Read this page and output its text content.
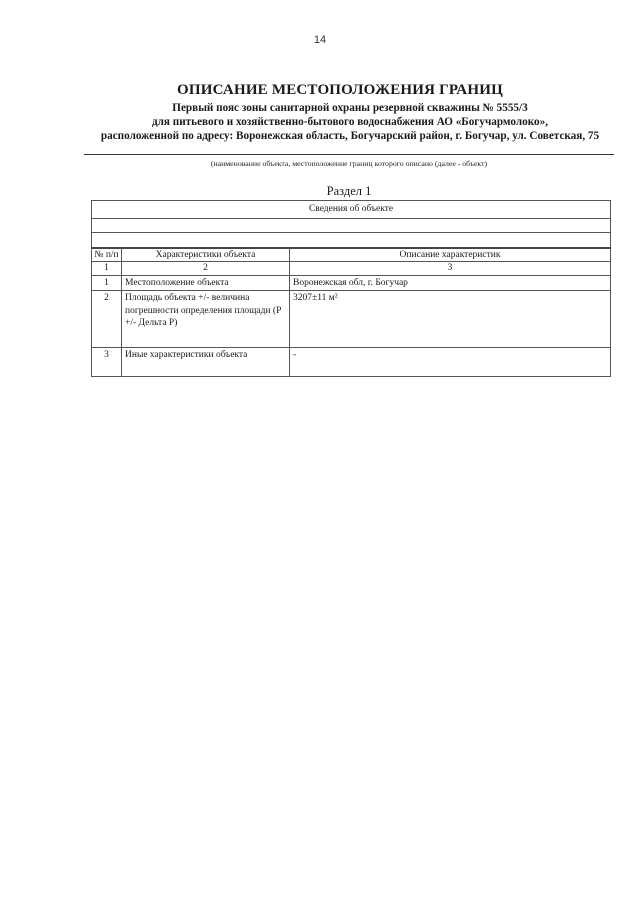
14
ОПИСАНИЕ МЕСТОПОЛОЖЕНИЯ ГРАНИЦ
Первый пояс зоны санитарной охраны резервной скважины № 5555/3
для питьевого и хозяйственно-бытового водоснабжения АО «Богучармолоко»,
расположенной по адресу: Воронежская область, Богучарский район, г. Богучар, ул. Советская, 75
(наименование объекта, местоположение границ которого описано (далее - объект)
Раздел 1
Сведения об объекте		

№ п/п	Характеристики объекта	Описание характеристик
1	2	3
1	Местоположение объекта	Воронежская обл, г. Богучар
2	Площадь объекта +/- величина погрешности определения площади (Р +/- Дельта Р)	3207±11 м²
3	Иные характеристики объекта	-
